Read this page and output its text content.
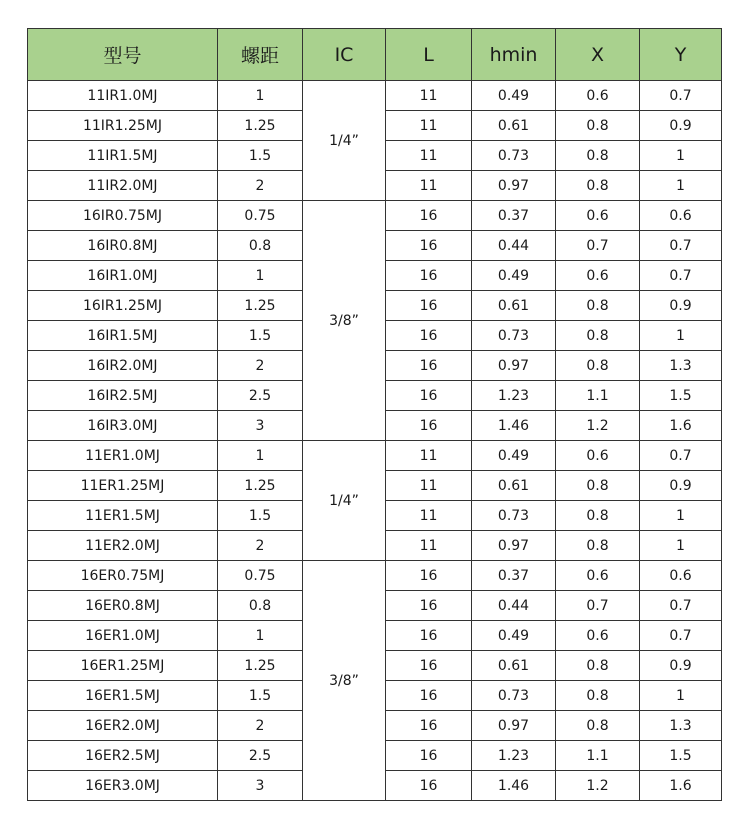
型号	螺距	IC	L	hmin	X	Y
11IR1.0MJ	1	1/4”	11	0.49	0.6	0.7
11IR1.25MJ	1.25		11	0.61	0.8	0.9
11IR1.5MJ	1.5		11	0.73	0.8	1
11IR2.0MJ	2		11	0.97	0.8	1
16IR0.75MJ	0.75	3/8”	16	0.37	0.6	0.6
16IR0.8MJ	0.8		16	0.44	0.7	0.7
16IR1.0MJ	1		16	0.49	0.6	0.7
16IR1.25MJ	1.25		16	0.61	0.8	0.9
16IR1.5MJ	1.5		16	0.73	0.8	1
16IR2.0MJ	2		16	0.97	0.8	1.3
16IR2.5MJ	2.5		16	1.23	1.1	1.5
16IR3.0MJ	3		16	1.46	1.2	1.6
11ER1.0MJ	1	1/4”	11	0.49	0.6	0.7
11ER1.25MJ	1.25		11	0.61	0.8	0.9
11ER1.5MJ	1.5		11	0.73	0.8	1
11ER2.0MJ	2		11	0.97	0.8	1
16ER0.75MJ	0.75	3/8”	16	0.37	0.6	0.6
16ER0.8MJ	0.8		16	0.44	0.7	0.7
16ER1.0MJ	1		16	0.49	0.6	0.7
16ER1.25MJ	1.25		16	0.61	0.8	0.9
16ER1.5MJ	1.5		16	0.73	0.8	1
16ER2.0MJ	2		16	0.97	0.8	1.3
16ER2.5MJ	2.5		16	1.23	1.1	1.5
16ER3.0MJ	3		16	1.46	1.2	1.6
